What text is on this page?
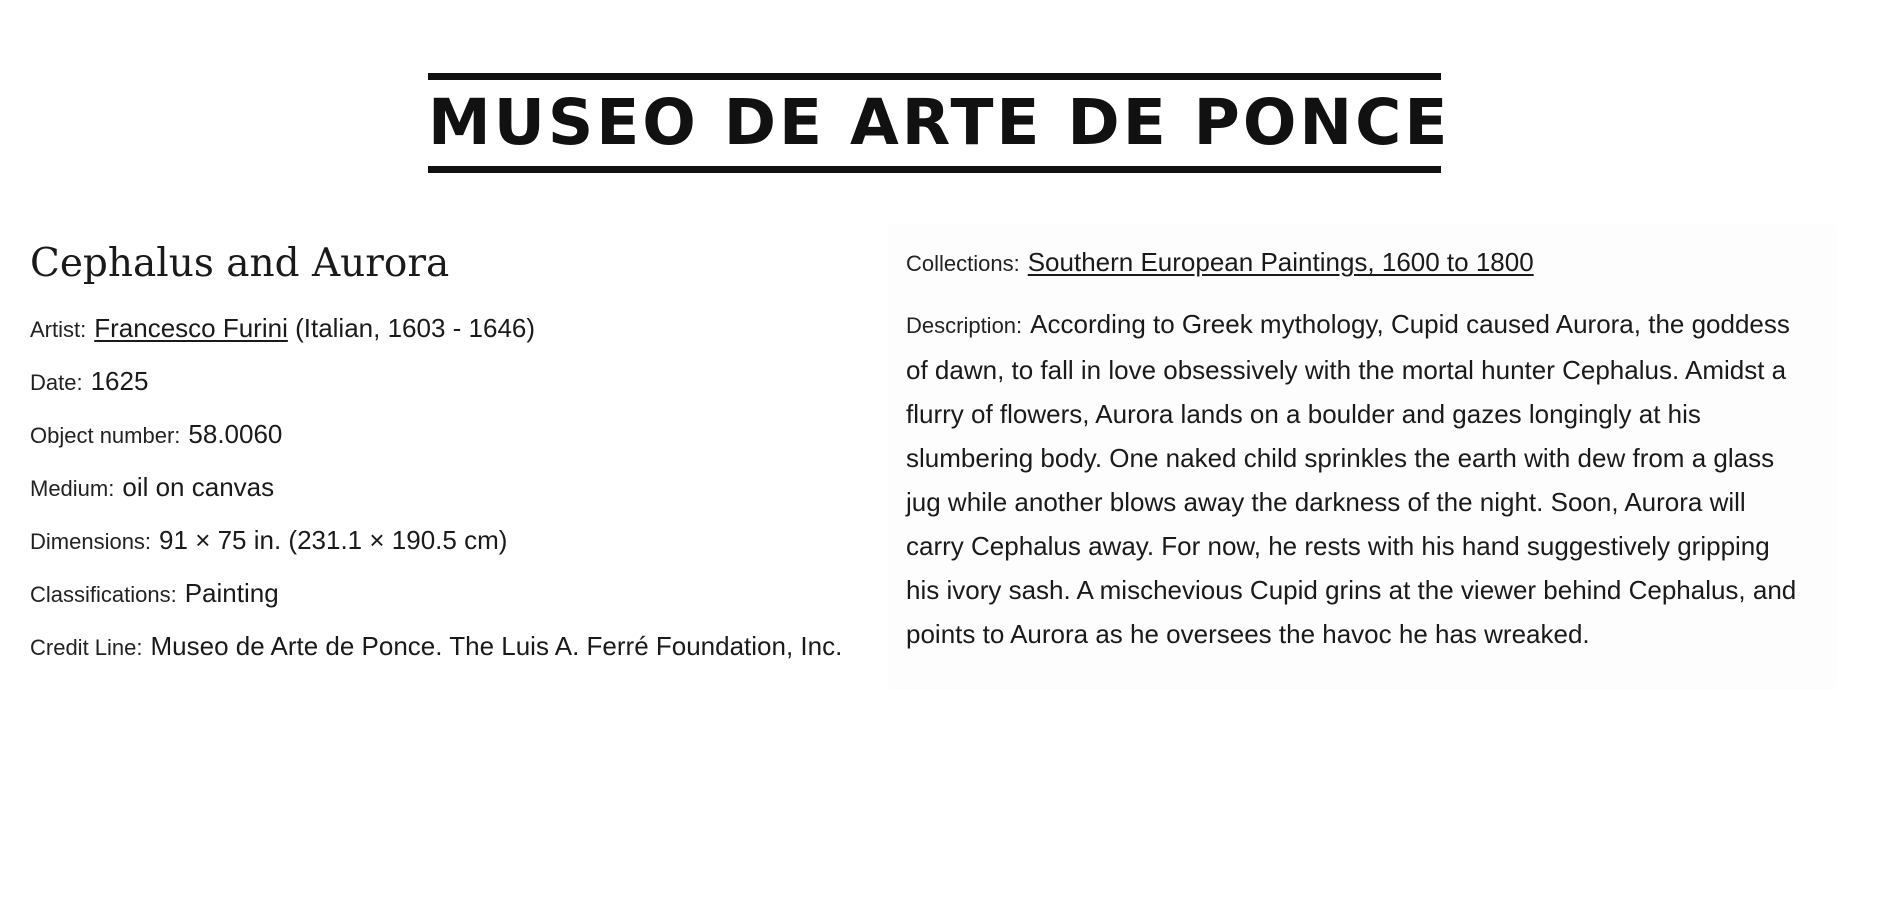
MUSEO DE ARTE DE PONCE
Cephalus and Aurora
Artist: Francesco Furini (Italian, 1603 - 1646)
Date: 1625
Object number: 58.0060
Medium: oil on canvas
Dimensions: 91 × 75 in. (231.1 × 190.5 cm)
Classifications: Painting
Credit Line: Museo de Arte de Ponce. The Luis A. Ferré Foundation, Inc.
Collections: Southern European Paintings, 1600 to 1800
Description: According to Greek mythology, Cupid caused Aurora, the goddess of dawn, to fall in love obsessively with the mortal hunter Cephalus. Amidst a flurry of flowers, Aurora lands on a boulder and gazes longingly at his slumbering body. One naked child sprinkles the earth with dew from a glass jug while another blows away the darkness of the night. Soon, Aurora will carry Cephalus away. For now, he rests with his hand suggestively gripping his ivory sash. A mischevious Cupid grins at the viewer behind Cephalus, and points to Aurora as he oversees the havoc he has wreaked.
